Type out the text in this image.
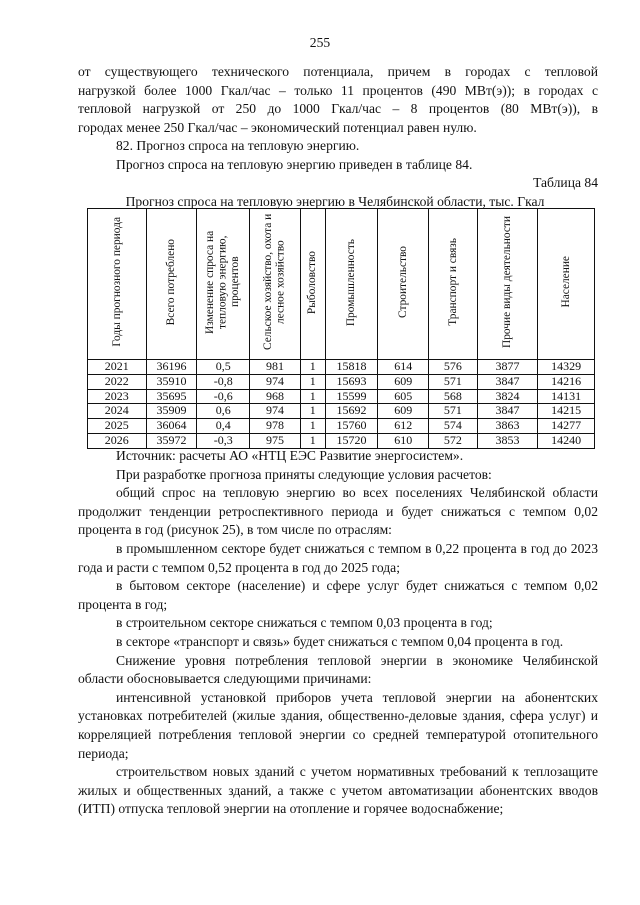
255

от существующего технического потенциала, причем в городах с тепловой

нагрузкой более 1000 Гкал/час – только 11 процентов (490 МВт(э)); в городах с

тепловой нагрузкой от 250 до 1000 Гкал/час – 8 процентов (80 МВт(э)), в

городах менее 250 Гкал/час – экономический потенциал равен нулю.

82. Прогноз спроса на тепловую энергию.

Прогноз спроса на тепловую энергию приведен в таблице 84.

Таблица 84

Прогноз спроса на тепловую энергию в Челябинской области, тыс. Гкал

Годы прогнозного периода	Всего потреблено	Изменение спроса на тепловую энергию, процентов	Сельское хозяйство, охота и лесное хозяйство	Рыболовство	Промышленность	Строительство	Транспорт и связь	Прочие виды деятельности	Население
2021	36196	0,5	981	1	15818	614	576	3877	14329
2022	35910	-0,8	974	1	15693	609	571	3847	14216
2023	35695	-0,6	968	1	15599	605	568	3824	14131
2024	35909	0,6	974	1	15692	609	571	3847	14215
2025	36064	0,4	978	1	15760	612	574	3863	14277
2026	35972	-0,3	975	1	15720	610	572	3853	14240

Источник: расчеты АО «НТЦ ЕЭС Развитие энергосистем».

При разработке прогноза приняты следующие условия расчетов:

общий спрос на тепловую энергию во всех поселениях Челябинской области продолжит тенденции ретроспективного периода и будет снижаться с темпом 0,02 процента в год (рисунок 25), в том числе по отраслям:

в промышленном секторе будет снижаться с темпом в 0,22 процента в год до 2023 года и расти с темпом 0,52 процента в год до 2025 года;

в бытовом секторе (население) и сфере услуг будет снижаться с темпом 0,02 процента в год;

в строительном секторе снижаться с темпом 0,03 процента в год;

в секторе «транспорт и связь» будет снижаться с темпом 0,04 процента в год.

Снижение уровня потребления тепловой энергии в экономике Челябинской области обосновывается следующими причинами:

интенсивной установкой приборов учета тепловой энергии на абонентских установках потребителей (жилые здания, общественно-деловые здания, сфера услуг) и корреляцией потребления тепловой энергии со средней температурой отопительного периода;

строительством новых зданий с учетом нормативных требований к теплозащите жилых и общественных зданий, а также с учетом автоматизации абонентских вводов (ИТП) отпуска тепловой энергии на отопление и горячее водоснабжение;
